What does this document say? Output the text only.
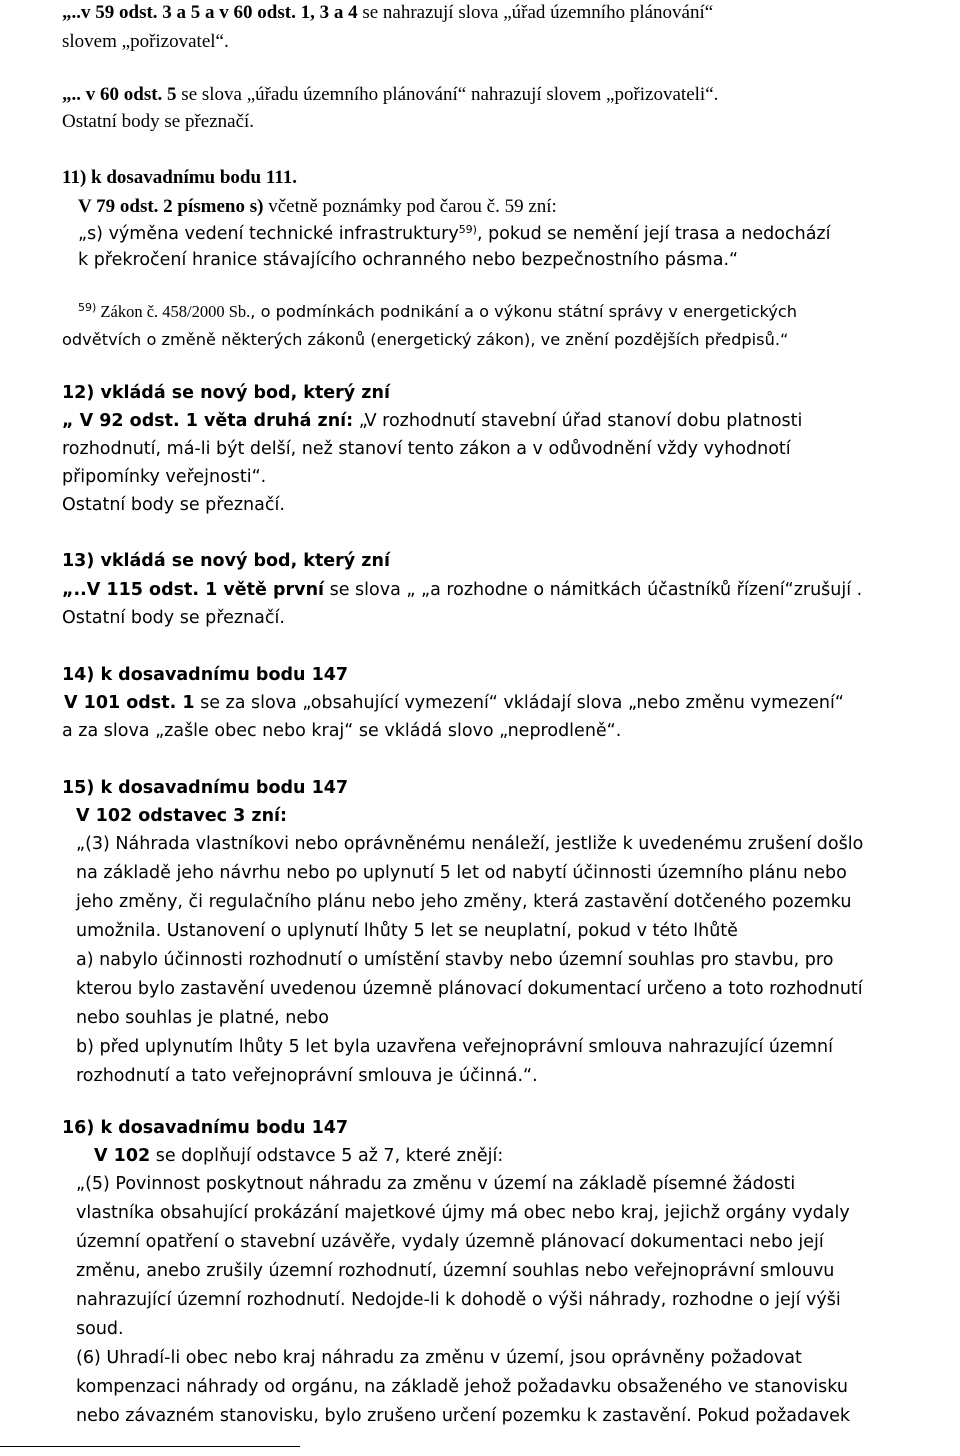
„..v 59 odst. 3 a 5 a v 60 odst. 1, 3 a 4 se nahrazují slova „úřad územního plánování“
slovem „pořizovatel“.
„.. v 60 odst. 5 se slova „úřadu územního plánování“ nahrazují slovem „pořizovateli“.
Ostatní body se přeznačí.
11) k dosavadnímu bodu 111.
V 79 odst. 2 písmeno s) včetně poznámky pod čarou č. 59 zní:
„s) výměna vedení technické infrastruktury$^{59)}$, pokud se nemění její trasa a nedochází
k překročení hranice stávajícího ochranného nebo bezpečnostního pásma.“
$^{59)}$ Zákon č. 458/2000 Sb., o podmínkách podnikání a o výkonu státní správy v energetických
odvětvích o změně některých zákonů (energetický zákon), ve znění pozdějších předpisů.“
12) vkládá se nový bod, který zní
„ V 92 odst. 1 věta druhá zní: „V rozhodnutí stavební úřad stanoví dobu platnosti
rozhodnutí, má-li být delší, než stanoví tento zákon a v odůvodnění vždy vyhodnotí
připomínky veřejnosti“.
Ostatní body se přeznačí.
13) vkládá se nový bod, který zní
„..V 115 odst. 1 větě první se slova „ „a rozhodne o námitkách účastníků řízení“zrušují .
Ostatní body se přeznačí.
14) k dosavadnímu bodu 147
V 101 odst. 1 se za slova „obsahující vymezení“ vkládají slova „nebo změnu vymezení“
a za slova „zašle obec nebo kraj“ se vkládá slovo „neprodleně“.
15) k dosavadnímu bodu 147
V 102 odstavec 3 zní:
„(3) Náhrada vlastníkovi nebo oprávněnému nenáleží, jestliže k uvedenému zrušení došlo
na základě jeho návrhu nebo po uplynutí 5 let od nabytí účinnosti územního plánu nebo
jeho změny, či regulačního plánu nebo jeho změny, která zastavění dotčeného pozemku
umožnila. Ustanovení o uplynutí lhůty 5 let se neuplatní, pokud v této lhůtě
a) nabylo účinnosti rozhodnutí o umístění stavby nebo územní souhlas pro stavbu, pro
kterou bylo zastavění uvedenou územně plánovací dokumentací určeno a toto rozhodnutí
nebo souhlas je platné, nebo
b) před uplynutím lhůty 5 let byla uzavřena veřejnoprávní smlouva nahrazující územní
rozhodnutí a tato veřejnoprávní smlouva je účinná.“.
16) k dosavadnímu bodu 147
V 102 se doplňují odstavce 5 až 7, které znějí:
„(5) Povinnost poskytnout náhradu za změnu v území na základě písemné žádosti
vlastníka obsahující prokázání majetkové újmy má obec nebo kraj, jejichž orgány vydaly
územní opatření o stavební uzávěře, vydaly územně plánovací dokumentaci nebo její
změnu, anebo zrušily územní rozhodnutí, územní souhlas nebo veřejnoprávní smlouvu
nahrazující územní rozhodnutí. Nedojde-li k dohodě o výši náhrady, rozhodne o její výši
soud.
(6) Uhradí-li obec nebo kraj náhradu za změnu v území, jsou oprávněny požadovat
kompenzaci náhrady od orgánu, na základě jehož požadavku obsaženého ve stanovisku
nebo závazném stanovisku, bylo zrušeno určení pozemku k zastavění. Pokud požadavek
